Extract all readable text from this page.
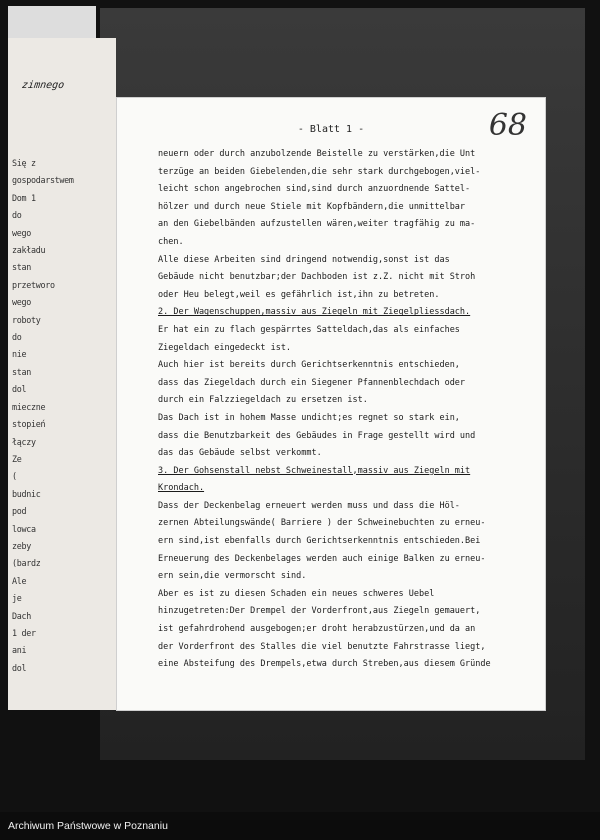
zimnego
Się z
gospodarstwem
Dom 1
do
wego
zakładu
stan
przetworo
wego
roboty
do
nie
stan
dol
mieczne
stopień
łączy
Ze
(
budnic
pod
lowca
zeby
(bardz
Ale
je
Dach
1 der
ani
dol
- Blatt 1 -	68
neuern oder durch anzubolzende Beistelle zu verstärken,die Unt
terzüge an beiden Giebelenden,die sehr stark durchgebogen,viel-
leicht schon angebrochen sind,sind durch anzuordnende Sattel-
hölzer und durch neue Stiele mit Kopfbändern,die unmittelbar
an den Giebelbänden aufzustellen wären,weiter tragfähig zu ma-
chen.
Alle diese Arbeiten sind dringend notwendig,sonst ist das
Gebäude nicht benutzbar;der Dachboden ist z.Z. nicht mit Stroh
oder Heu belegt,weil es gefährlich ist,ihn zu betreten.
2. Der Wagenschuppen,massiv aus Ziegeln mit Ziegelpliessdach.
Er hat ein zu flach gespärrtes Satteldach,das als einfaches
Ziegeldach eingedeckt ist.
Auch hier ist bereits durch Gerichtserkenntnis entschieden,
dass das Ziegeldach durch ein Siegener Pfannenblechdach oder
durch ein Falzziegeldach zu ersetzen ist.
Das Dach ist in hohem Masse undicht;es regnet so stark ein,
dass die Benutzbarkeit des Gebäudes in Frage gestellt wird und
das das Gebäude selbst verkommt.
3. Der Gohsenstall nebst Schweinestall,massiv aus Ziegeln mit
Krondach.
Dass der Deckenbelag erneuert werden muss und dass die Höl-
zernen Abteilungswände( Barriere ) der Schweinebuchten zu erneu-
ern sind,ist ebenfalls durch Gerichtserkenntnis entschieden.Bei
Erneuerung des Deckenbelages werden auch einige Balken zu erneu-
ern sein,die vermorscht sind.
Aber es ist zu diesen Schaden ein neues schweres Uebel
hinzugetreten:Der Drempel der Vorderfront,aus Ziegeln gemauert,
ist gefahrdrohend ausgebogen;er droht herabzustürzen,und da an
der Vorderfront des Stalles die viel benutzte Fahrstrasse liegt,
eine Absteifung des Drempels,etwa durch Streben,aus diesem Gründe
Archiwum Państwowe w Poznaniu
